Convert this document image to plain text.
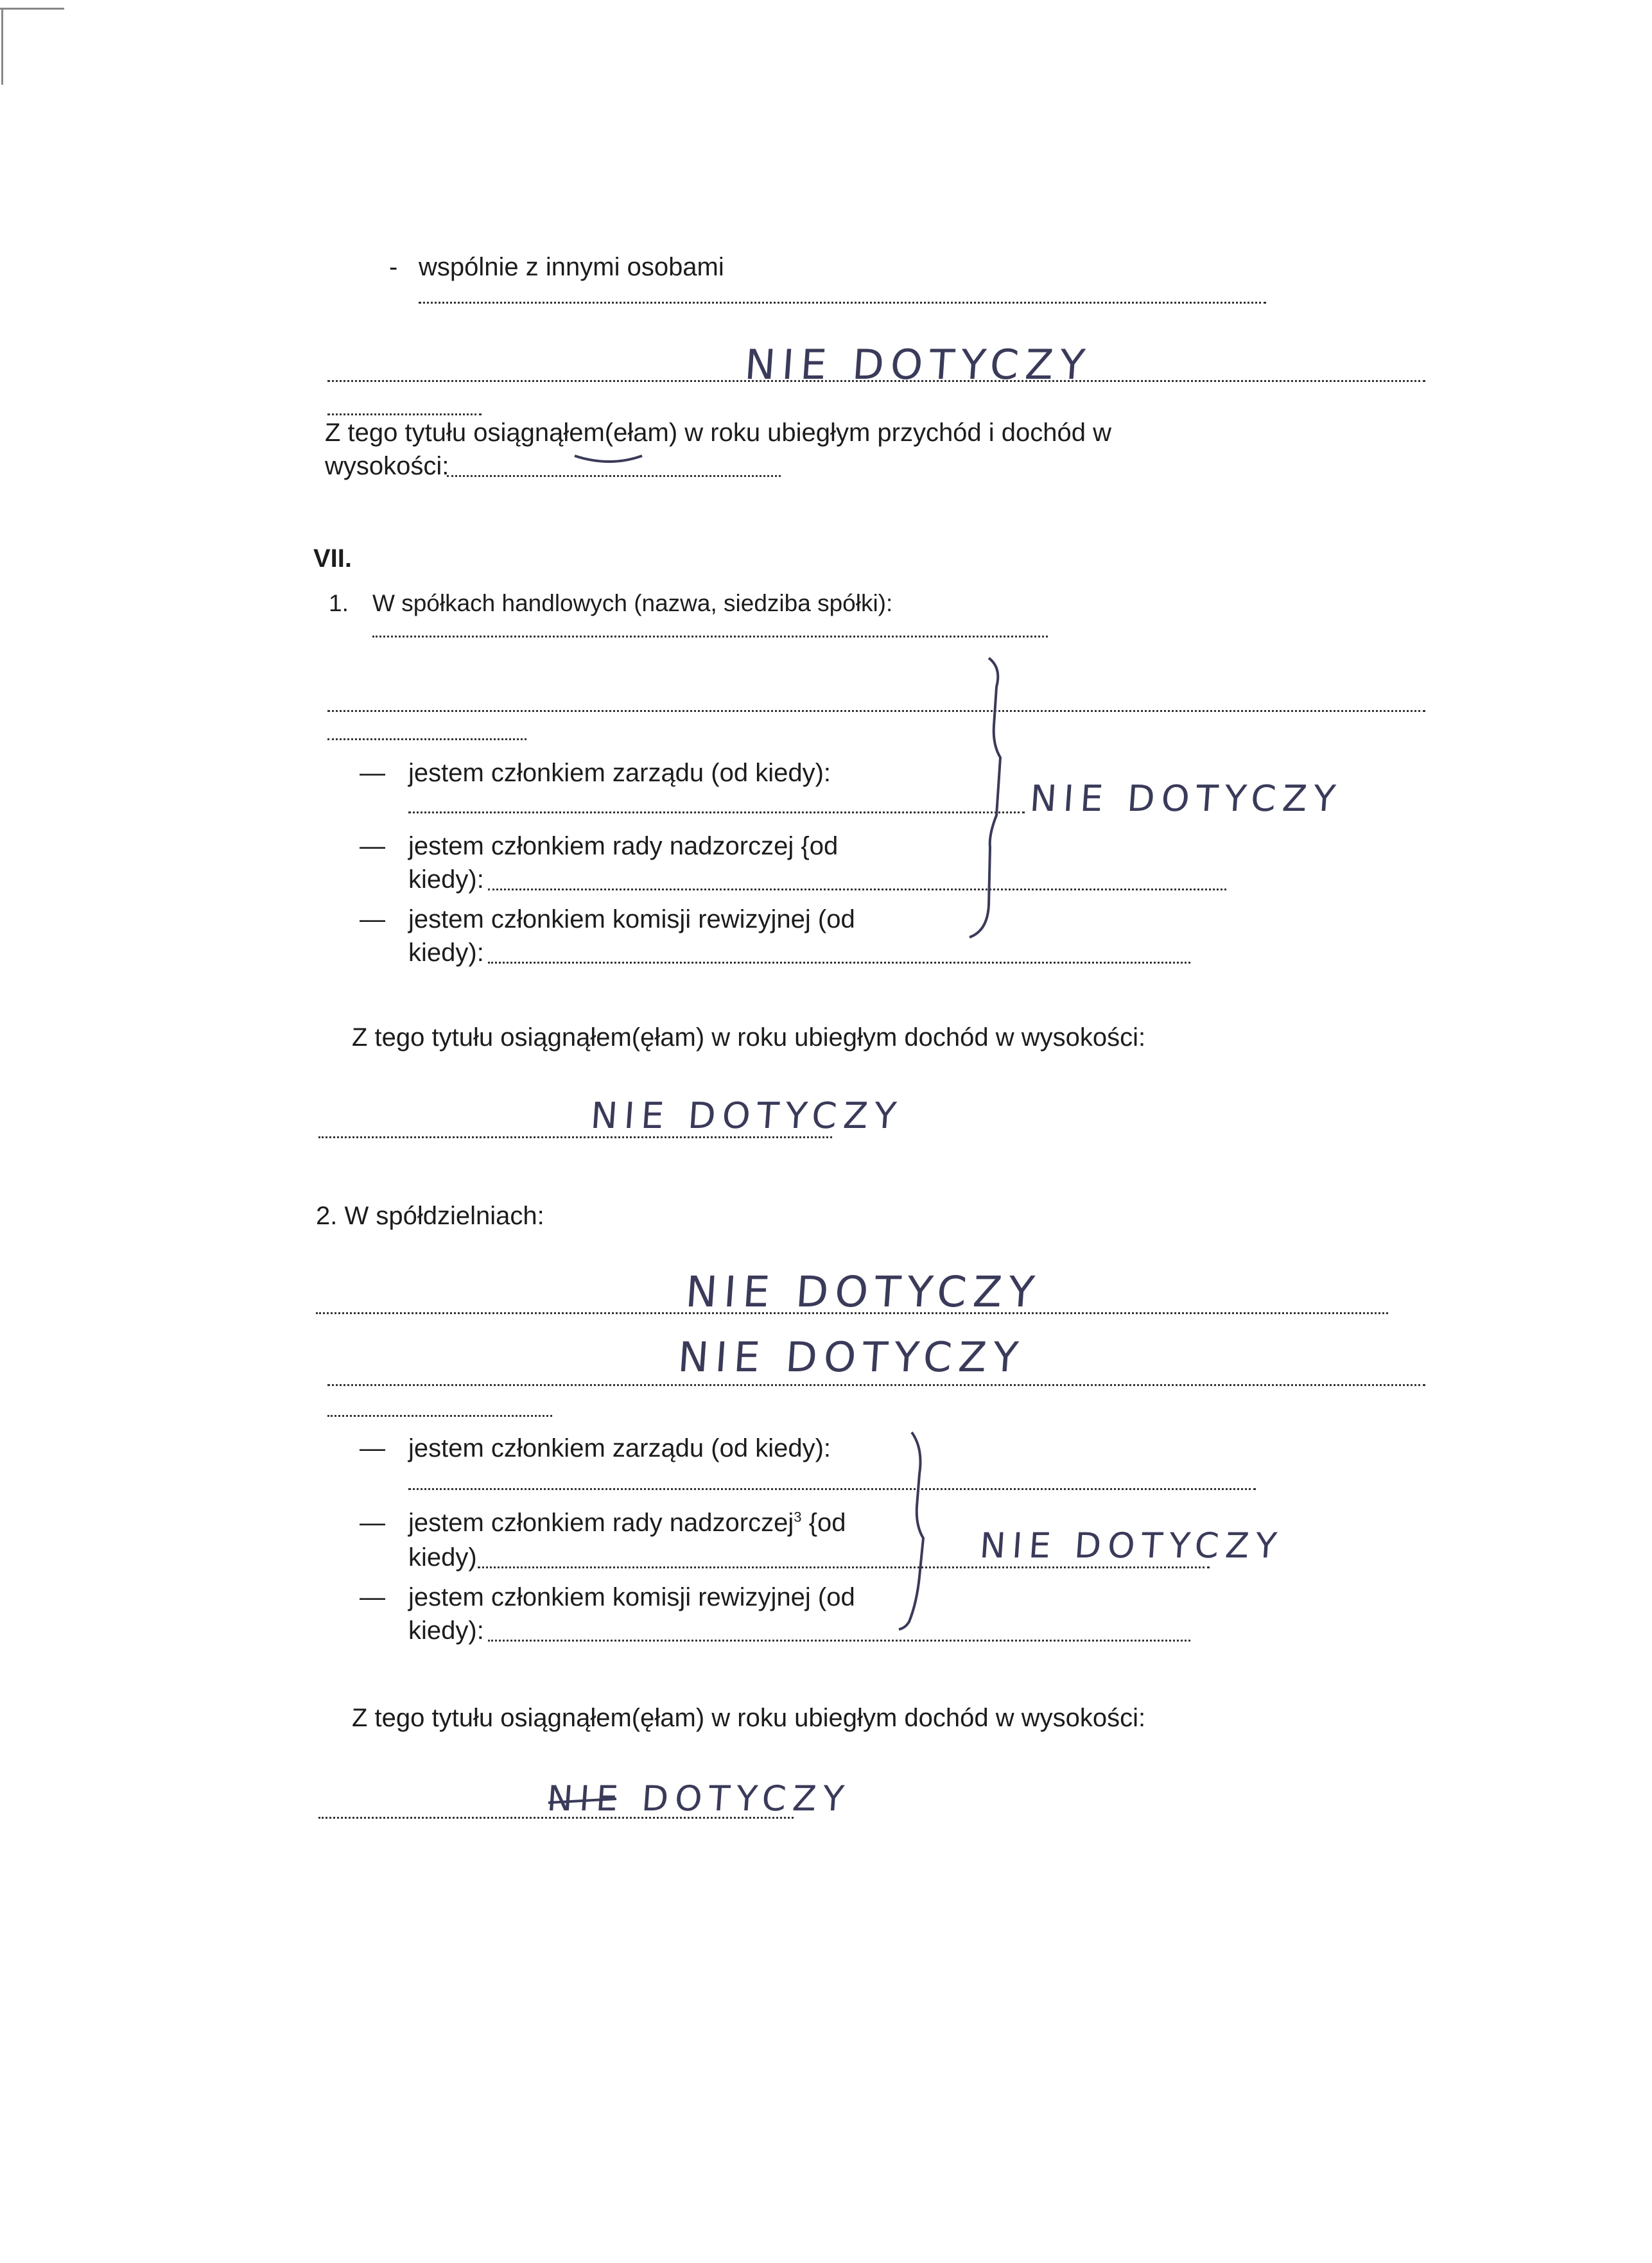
- wspólnie z innymi osobami
NIE DOTYCZY
Z tego tytułu osiągnąłem(ełam) w roku ubiegłym przychód i dochód w
wysokości:
VII.
1. W spółkach handlowych (nazwa, siedziba spółki):
— jestem członkiem zarządu (od kiedy):
— jestem członkiem rady nadzorczej {od
kiedy):
— jestem członkiem komisji rewizyjnej (od
kiedy):
NIE DOTYCZY
Z tego tytułu osiągnąłem(ęłam) w roku ubiegłym dochód w wysokości:
NIE DOTYCZY
2. W spółdzielniach:
NIE DOTYCZY
NIE DOTYCZY
— jestem członkiem zarządu (od kiedy):
— jestem członkiem rady nadzorczej$^3$ {od
kiedy)
— jestem członkiem komisji rewizyjnej (od
kiedy):
NIE DOTYCZY
Z tego tytułu osiągnąłem(ęłam) w roku ubiegłym dochód w wysokości:
NIE DOTYCZY
